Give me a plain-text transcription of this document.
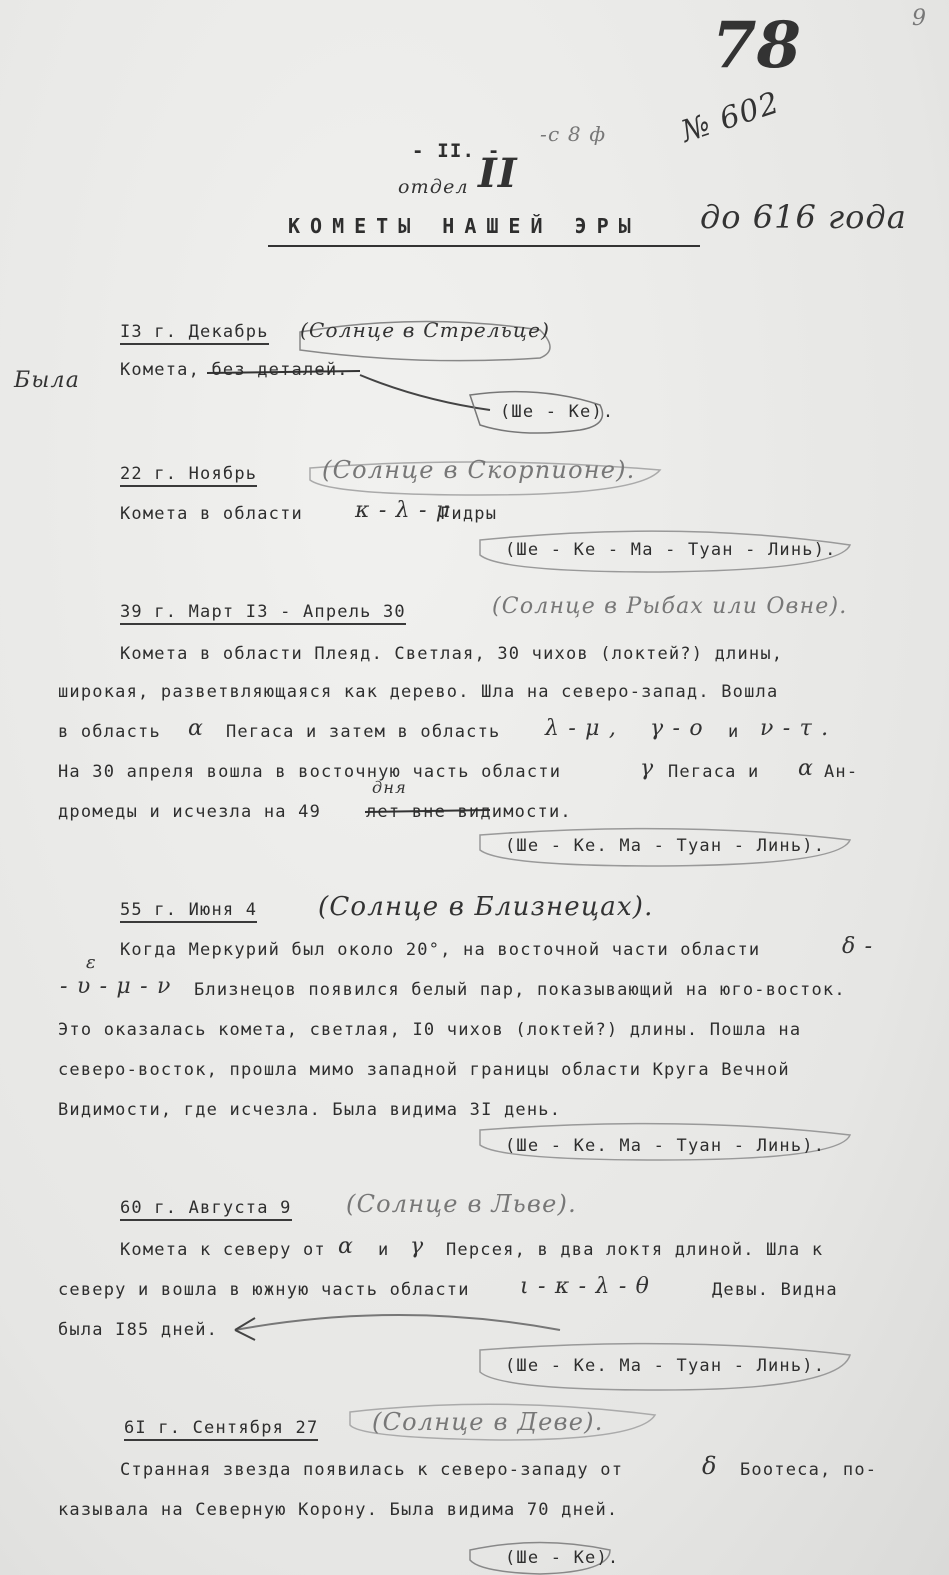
9
78
№ 602
-с 8 ф
- II. -
отдел II
КОМЕТЫ НАШЕЙ ЭРЫ до 616 года
I3 г. Декабрь (Солнце в Стрельце)
Была Комета, без деталей.
(Ше - Ке).
22 г. Ноябрь	(Солнце в Скорпионе).
Комета в области κ - λ - μ
Гидры
(Ше - Ке - Ма - Туан - Линь).
39 г. Март I3 - Апрель 30	(Солнце в Рыбах или Овне).
Комета в области Плеяд. Светлая, 30 чихов (локтей?) длины,
широкая, разветвляющаяся как дерево. Шла на северо-запад. Вошла
в область α Пегаса и затем в область λ - μ , γ - ο и ν - τ .
На 30 апреля вошла в восточную часть области	γ Пегаса и α Ан-
дромеды и исчезла на 49	лет вне видимости.
дня
(Ше - Ке. Ма - Туан - Линь).
55 г. Июня 4 (Солнце в Близнецах).
Когда Меркурий был около 20°, на восточной части области	δ -
- υ - μ - ν
ε
Близнецов появился белый пар, показывающий на юго-восток.
Это оказалась комета, светлая, I0 чихов (локтей?) длины. Пошла на
северо-восток, прошла мимо западной границы области Круга Вечной
Видимости, где исчезла. Была видима 3I день.
(Ше - Ке. Ма - Туан - Линь).
60 г. Августа 9 (Солнце в Льве).
Комета к северу от α и γ Персея, в два локтя длиной. Шла к
северу и вошла в южную часть области ι - κ - λ - θ	Девы. Видна
была I85 дней.
(Ше - Ке. Ма - Туан - Линь).
6I г. Сентября 27 (Солнце в Деве).
Странная звезда появилась к северо-западу от	δ Боотеса, по-
казывала на Северную Корону. Была видима 70 дней.
(Ше - Ке).
